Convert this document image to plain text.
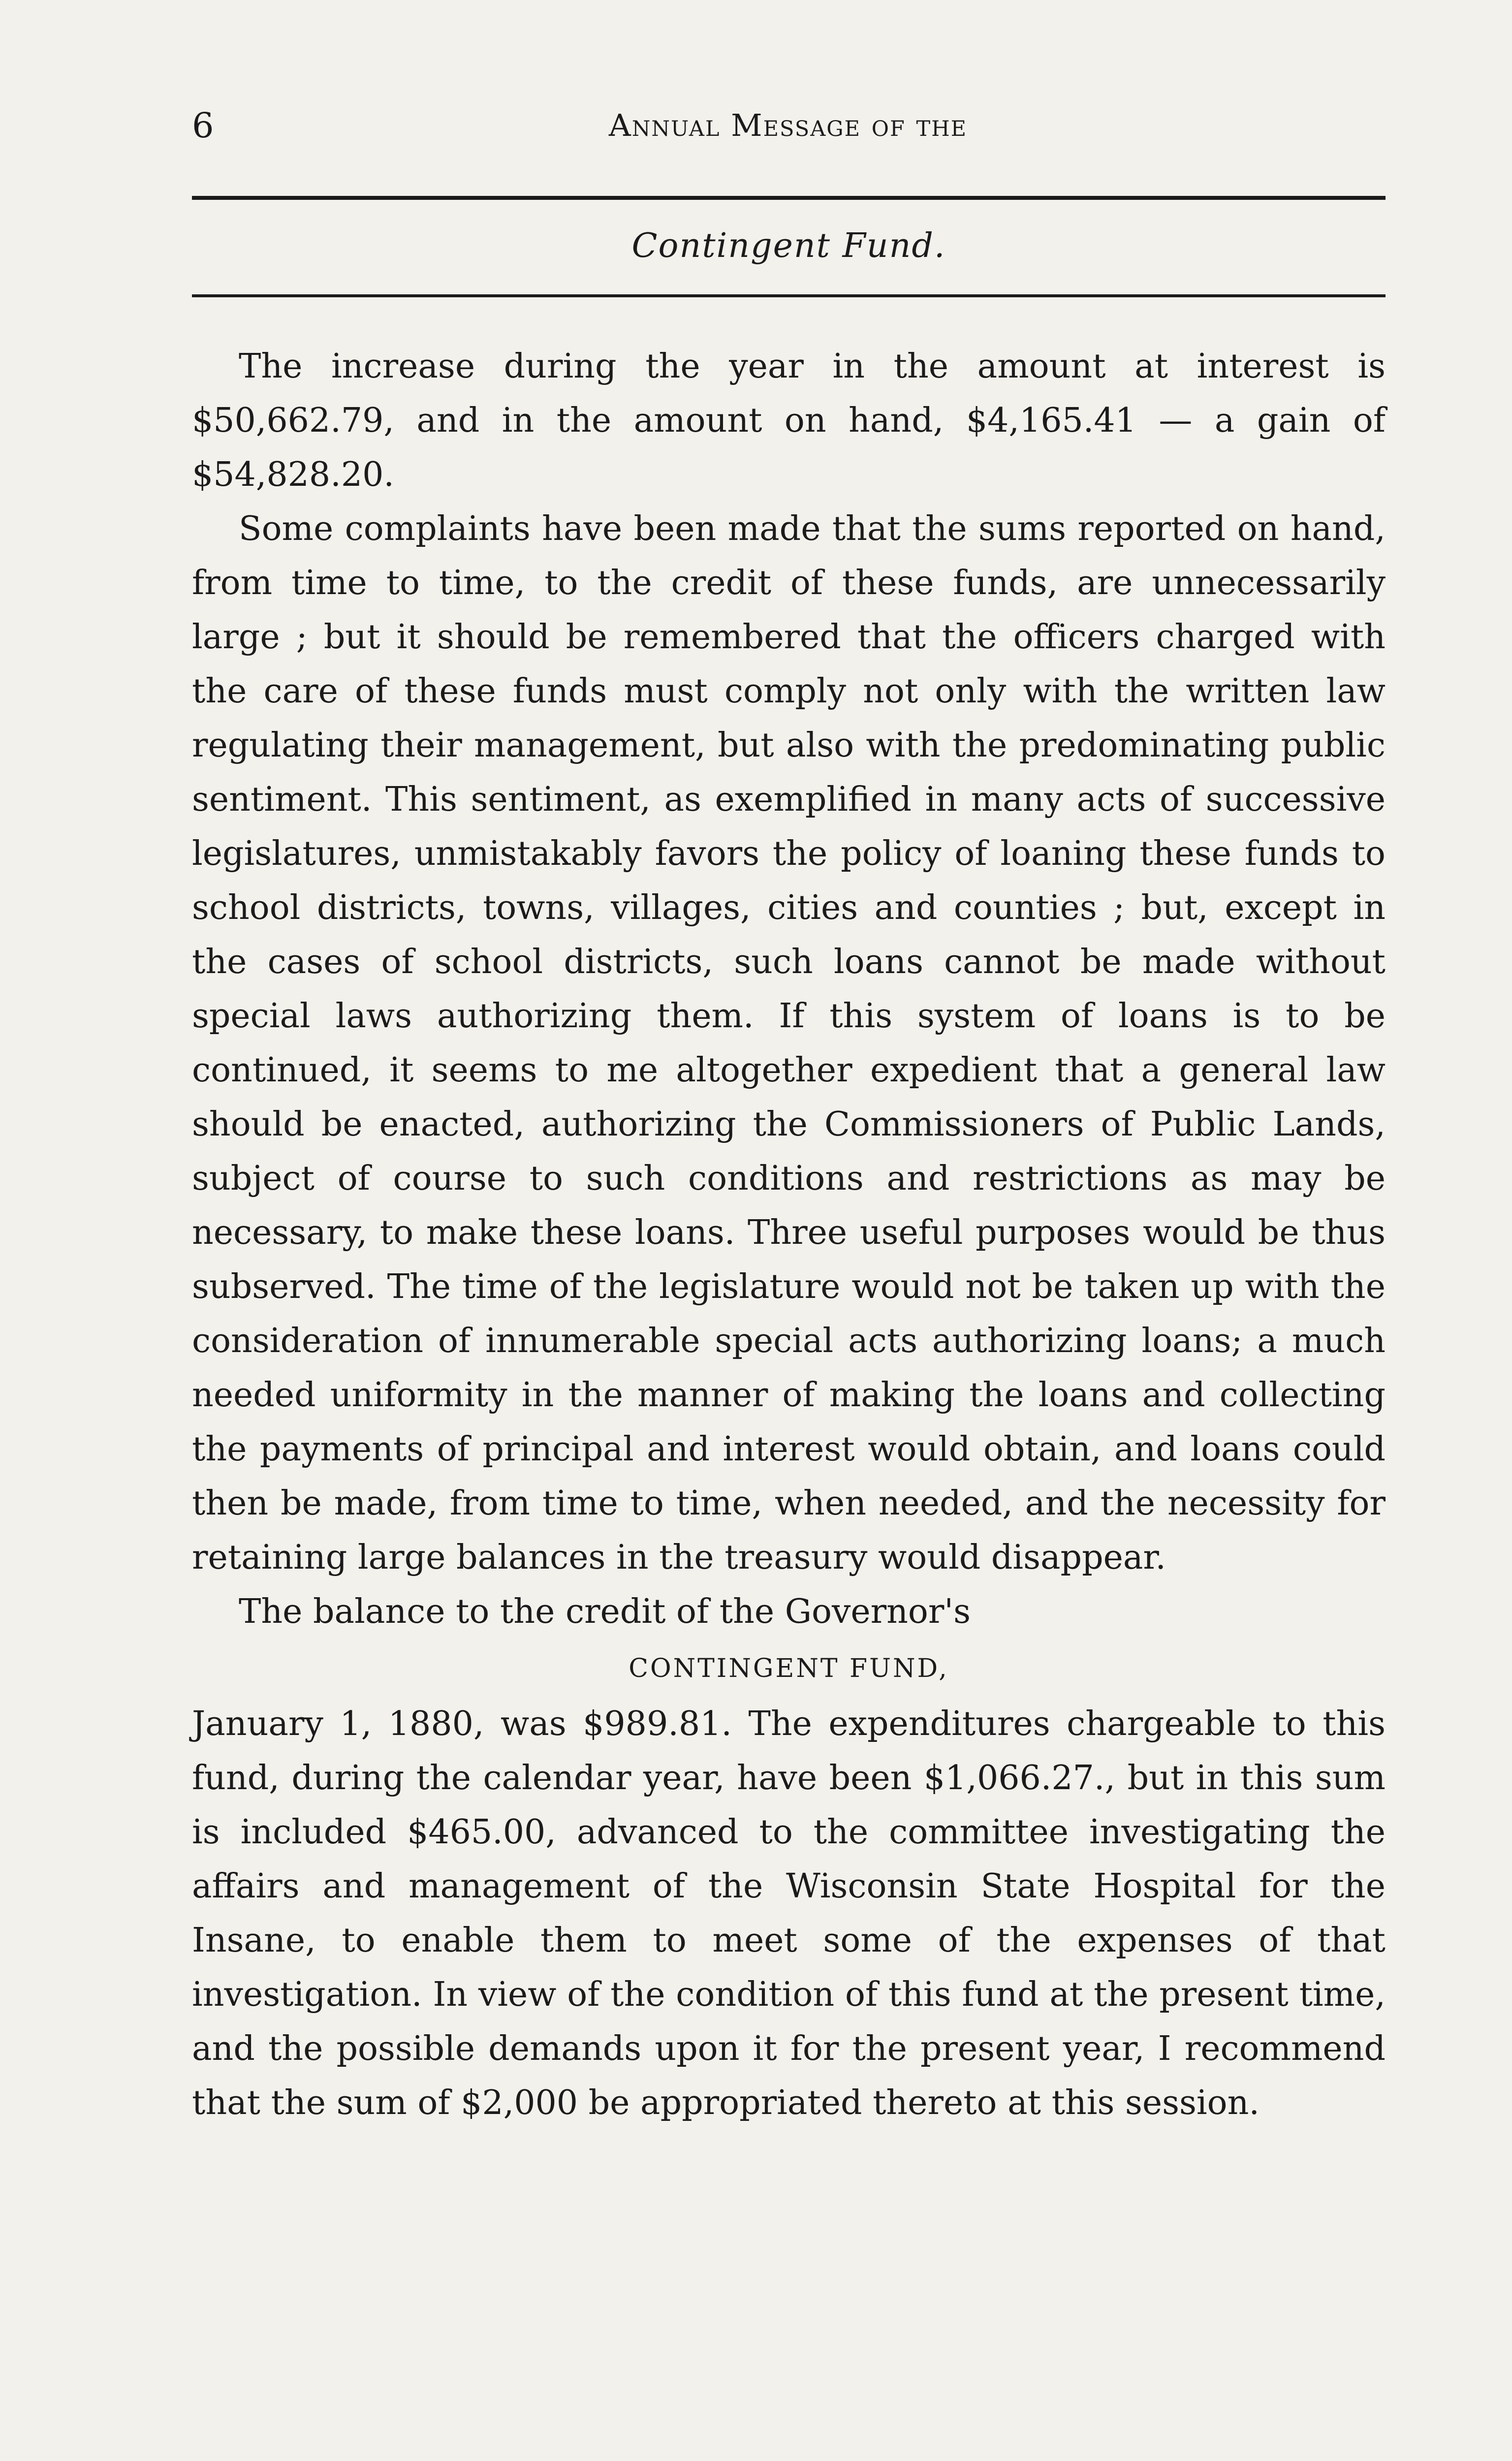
6	Annual Message of the
Contingent Fund.

The increase during the year in the amount at interest is $50,662.79, and in the amount on hand, $4,165.41 — a gain of $54,828.20.

Some complaints have been made that the sums reported on hand, from time to time, to the credit of these funds, are unnecessarily large ; but it should be remembered that the officers charged with the care of these funds must comply not only with the written law regulating their management, but also with the predominating public sentiment. This sentiment, as exemplified in many acts of successive legislatures, unmistakably favors the policy of loaning these funds to school districts, towns, villages, cities and counties ; but, except in the cases of school districts, such loans cannot be made without special laws authorizing them. If this system of loans is to be continued, it seems to me altogether expedient that a general law should be enacted, authorizing the Commissioners of Public Lands, subject of course to such conditions and restrictions as may be necessary, to make these loans. Three useful purposes would be thus subserved. The time of the legislature would not be taken up with the consideration of innumerable special acts authorizing loans; a much needed uniformity in the manner of making the loans and collecting the payments of principal and interest would obtain, and loans could then be made, from time to time, when needed, and the necessity for retaining large balances in the treasury would disappear.

The balance to the credit of the Governor's

CONTINGENT FUND,

January 1, 1880, was $989.81. The expenditures chargeable to this fund, during the calendar year, have been $1,066.27., but in this sum is included $465.00, advanced to the committee investigating the affairs and management of the Wisconsin State Hospital for the Insane, to enable them to meet some of the expenses of that investigation. In view of the condition of this fund at the present time, and the possible demands upon it for the present year, I recommend that the sum of $2,000 be appropriated thereto at this session.
